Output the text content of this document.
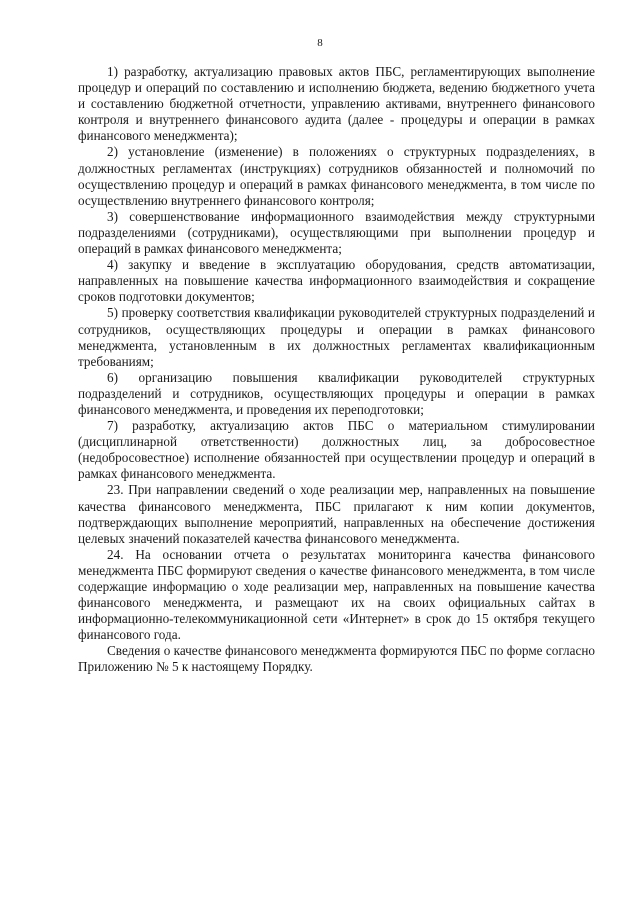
8

1) разработку, актуализацию правовых актов ПБС, регламентирующих выполнение процедур и операций по составлению и исполнению бюджета, ведению бюджетного учета и составлению бюджетной отчетности, управлению активами, внутреннего финансового контроля и внутреннего финансового аудита (далее - процедуры и операции в рамках финансового менеджмента);

2) установление (изменение) в положениях о структурных подразделениях, в должностных регламентах (инструкциях) сотрудников обязанностей и полномочий по осуществлению процедур и операций в рамках финансового менеджмента, в том числе по осуществлению внутреннего финансового контроля;

3) совершенствование информационного взаимодействия между структурными подразделениями (сотрудниками), осуществляющими при выполнении процедур и операций в рамках финансового менеджмента;

4) закупку и введение в эксплуатацию оборудования, средств автоматизации, направленных на повышение качества информационного взаимодействия и сокращение сроков подготовки документов;

5) проверку соответствия квалификации руководителей структурных подразделений и сотрудников, осуществляющих процедуры и операции в рамках финансового менеджмента, установленным в их должностных регламентах квалификационным требованиям;

6) организацию повышения квалификации руководителей структурных подразделений и сотрудников, осуществляющих процедуры и операции в рамках финансового менеджмента, и проведения их переподготовки;

7) разработку, актуализацию актов ПБС о материальном стимулировании (дисциплинарной ответственности) должностных лиц, за добросовестное (недобросовестное) исполнение обязанностей при осуществлении процедур и операций в рамках финансового менеджмента.

23. При направлении сведений о ходе реализации мер, направленных на повышение качества финансового менеджмента, ПБС прилагают к ним копии документов, подтверждающих выполнение мероприятий, направленных на обеспечение достижения целевых значений показателей качества финансового менеджмента.

24. На основании отчета о результатах мониторинга качества финансового менеджмента ПБС формируют сведения о качестве финансового менеджмента, в том числе содержащие информацию о ходе реализации мер, направленных на повышение качества финансового менеджмента, и размещают их на своих официальных сайтах в информационно-телекоммуникационной сети «Интернет» в срок до 15 октября текущего финансового года.

Сведения о качестве финансового менеджмента формируются ПБС по форме согласно Приложению № 5 к настоящему Порядку.
